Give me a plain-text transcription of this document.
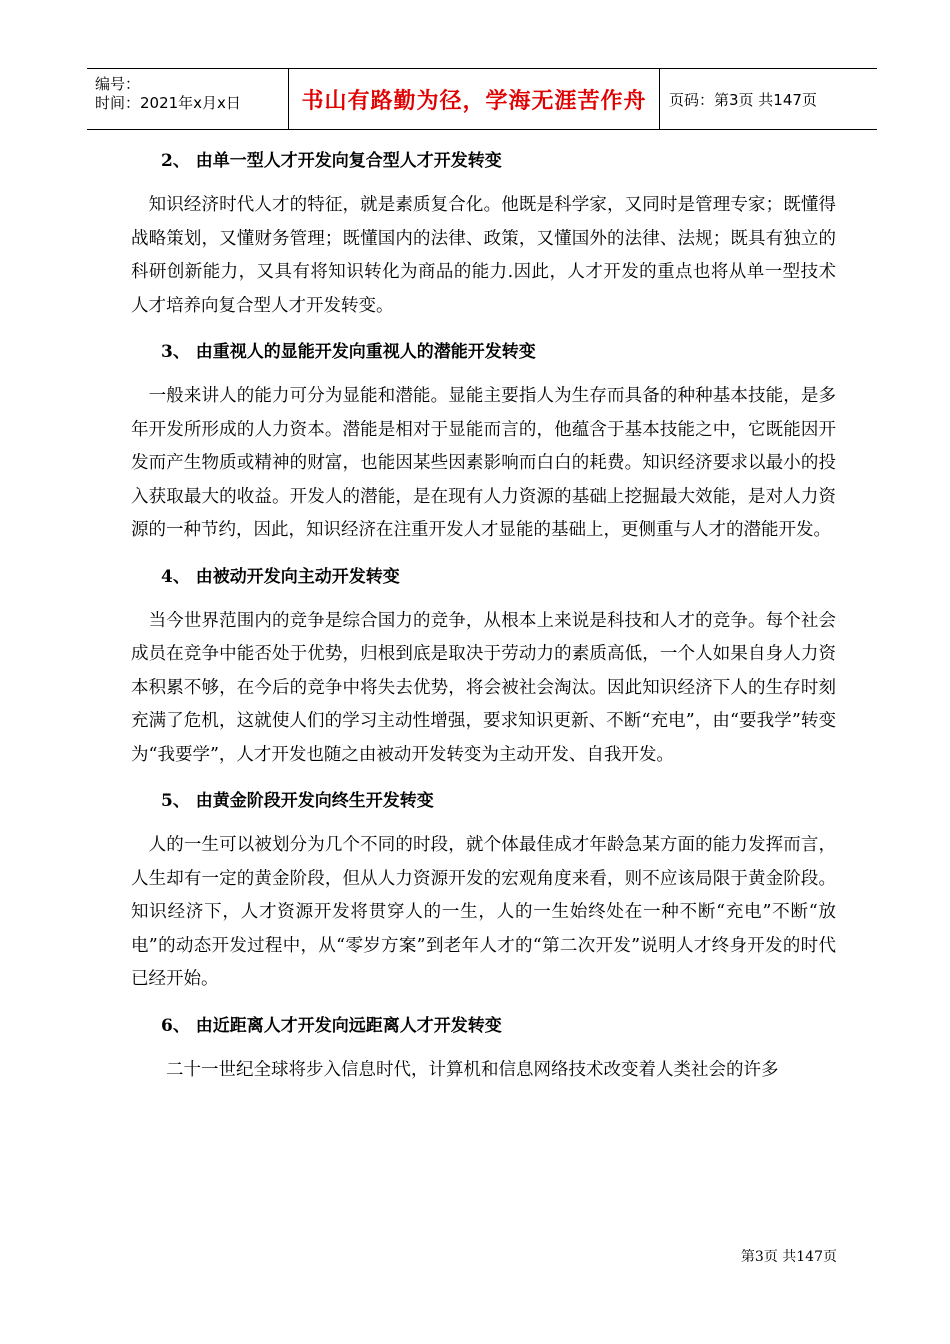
编号：
时间：2021年x月x日	书山有路勤为径，学海无涯苦作舟	页码：第3页 共147页
2、 由单一型人才开发向复合型人才开发转变
　知识经济时代人才的特征，就是素质复合化。他既是科学家，又同时是管理专家；既懂得战略策划，又懂财务管理；既懂国内的法律、政策，又懂国外的法律、法规；既具有独立的科研创新能力，又具有将知识转化为商品的能力.因此，人才开发的重点也将从单一型技术人才培养向复合型人才开发转变。
3、 由重视人的显能开发向重视人的潜能开发转变
　一般来讲人的能力可分为显能和潜能。显能主要指人为生存而具备的种种基本技能，是多年开发所形成的人力资本。潜能是相对于显能而言的，他蕴含于基本技能之中，它既能因开发而产生物质或精神的财富，也能因某些因素影响而白白的耗费。知识经济要求以最小的投入获取最大的收益。开发人的潜能，是在现有人力资源的基础上挖掘最大效能，是对人力资源的一种节约，因此，知识经济在注重开发人才显能的基础上，更侧重与人才的潜能开发。
4、 由被动开发向主动开发转变
　当今世界范围内的竞争是综合国力的竞争，从根本上来说是科技和人才的竞争。每个社会成员在竞争中能否处于优势，归根到底是取决于劳动力的素质高低，一个人如果自身人力资本积累不够，在今后的竞争中将失去优势，将会被社会淘汰。因此知识经济下人的生存时刻充满了危机，这就使人们的学习主动性增强，要求知识更新、不断“充电”，由“要我学”转变为“我要学”，人才开发也随之由被动开发转变为主动开发、自我开发。
5、 由黄金阶段开发向终生开发转变
　人的一生可以被划分为几个不同的时段，就个体最佳成才年龄急某方面的能力发挥而言，人生却有一定的黄金阶段，但从人力资源开发的宏观角度来看，则不应该局限于黄金阶段。知识经济下，人才资源开发将贯穿人的一生，人的一生始终处在一种不断“充电”不断“放电”的动态开发过程中，从“零岁方案”到老年人才的“第二次开发”说明人才终身开发的时代已经开始。
6、 由近距离人才开发向远距离人才开发转变
　　二十一世纪全球将步入信息时代，计算机和信息网络技术改变着人类社会的许多
第3页 共147页
